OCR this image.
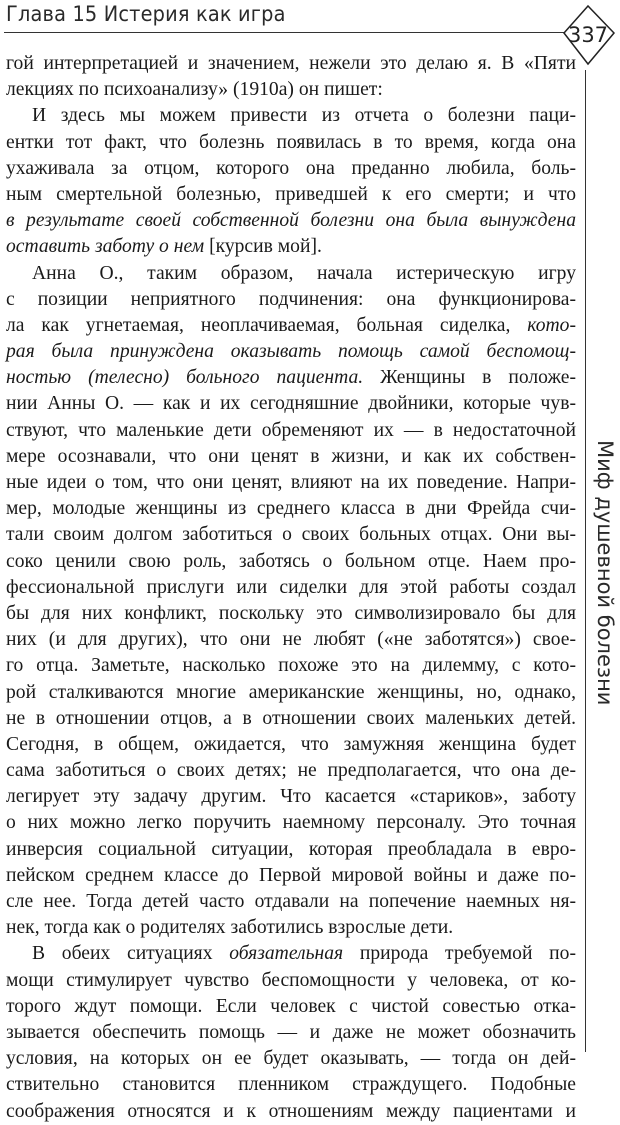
Глава 15 Истерия как игра
337
Миф душевной болезни
гой интерпретацией и значением, нежели это делаю я. В «Пяти
лекциях по психоанализу» (1910a) он пишет:
И здесь мы можем привести из отчета о болезни паци-
ентки тот факт, что болезнь появилась в то время, когда она
ухаживала за отцом, которого она преданно любила, боль-
ным смертельной болезнью, приведшей к его смерти; и что
в результате своей собственной болезни она была вынуждена
оставить заботу о нем [курсив мой].
Анна О., таким образом, начала истерическую игру
с позиции неприятного подчинения: она функционирова-
ла как угнетаемая, неоплачиваемая, больная сиделка, кото-
рая была принуждена оказывать помощь самой беспомощ-
ностью (телесно) больного пациента. Женщины в положе-
нии Анны О. — как и их сегодняшние двойники, которые чув-
ствуют, что маленькие дети обременяют их — в недостаточной
мере осознавали, что они ценят в жизни, и как их собствен-
ные идеи о том, что они ценят, влияют на их поведение. Напри-
мер, молодые женщины из среднего класса в дни Фрейда счи-
тали своим долгом заботиться о своих больных отцах. Они вы-
соко ценили свою роль, заботясь о больном отце. Наем про-
фессиональной прислуги или сиделки для этой работы создал
бы для них конфликт, поскольку это символизировало бы для
них (и для других), что они не любят («не заботятся») свое-
го отца. Заметьте, насколько похоже это на дилемму, с кото-
рой сталкиваются многие американские женщины, но, однако,
не в отношении отцов, а в отношении своих маленьких детей.
Сегодня, в общем, ожидается, что замужняя женщина будет
сама заботиться о своих детях; не предполагается, что она де-
легирует эту задачу другим. Что касается «стариков», заботу
о них можно легко поручить наемному персоналу. Это точная
инверсия социальной ситуации, которая преобладала в евро-
пейском среднем классе до Первой мировой войны и даже по-
сле нее. Тогда детей часто отдавали на попечение наемных ня-
нек, тогда как о родителях заботились взрослые дети.
В обеих ситуациях обязательная природа требуемой по-
мощи стимулирует чувство беспомощности у человека, от ко-
торого ждут помощи. Если человек с чистой совестью отка-
зывается обеспечить помощь — и даже не может обозначить
условия, на которых он ее будет оказывать, — тогда он дей-
ствительно становится пленником страждущего. Подобные
соображения относятся и к отношениям между пациентами и
